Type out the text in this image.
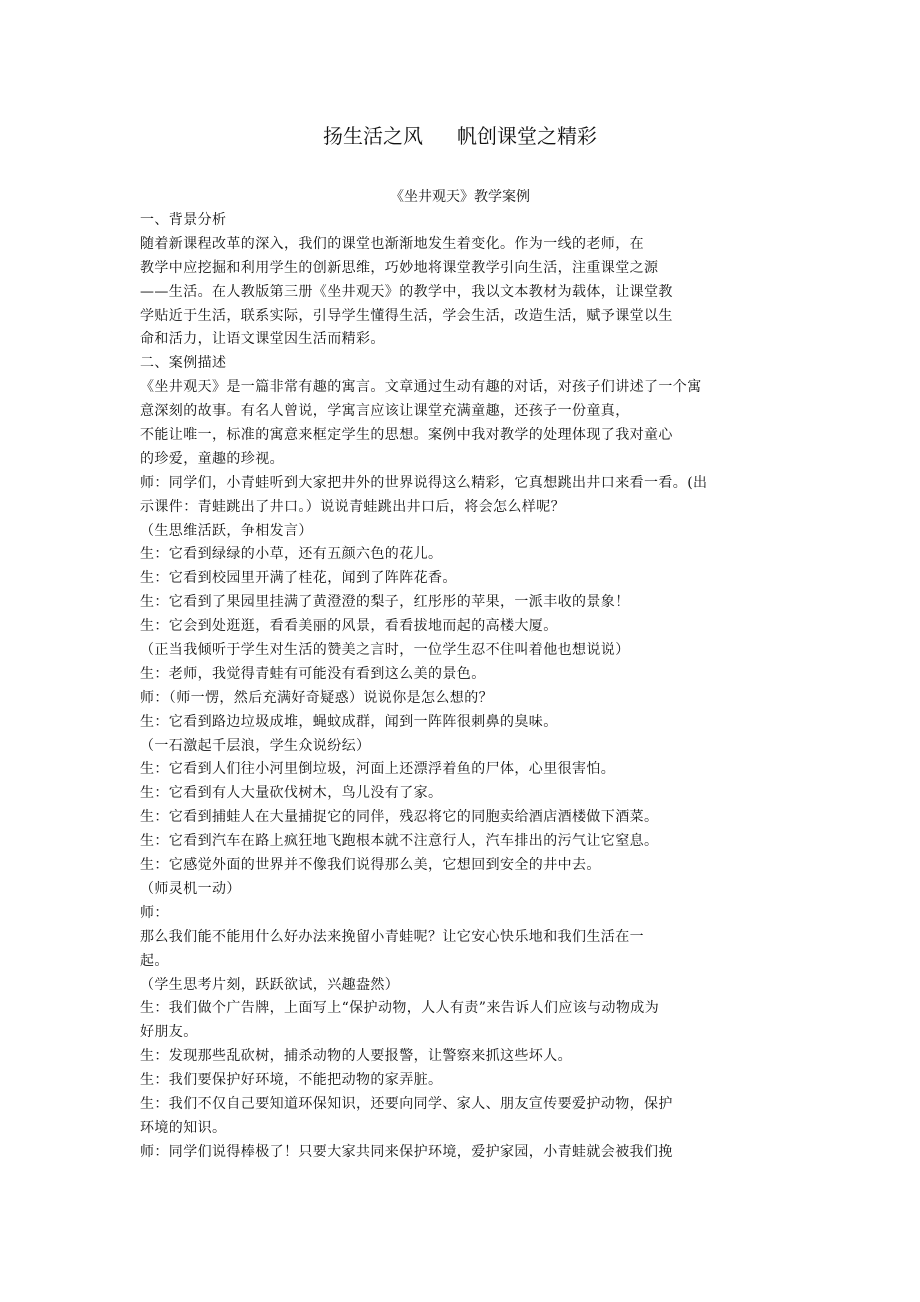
扬生活之风 帆创课堂之精彩
《坐井观天》教学案例
一、背景分析
随着新课程改革的深入，我们的课堂也渐渐地发生着变化。作为一线的老师，在
教学中应挖掘和利用学生的创新思维，巧妙地将课堂教学引向生活，注重课堂之源
——生活。在人教版第三册《坐井观天》的教学中，我以文本教材为载体，让课堂教
学贴近于生活，联系实际，引导学生懂得生活，学会生活，改造生活，赋予课堂以生
命和活力，让语文课堂因生活而精彩。
二、案例描述
《坐井观天》是一篇非常有趣的寓言。文章通过生动有趣的对话，对孩子们讲述了一个寓
意深刻的故事。有名人曾说，学寓言应该让课堂充满童趣，还孩子一份童真，
不能让唯一，标准的寓意来框定学生的思想。案例中我对教学的处理体现了我对童心
的珍爱，童趣的珍视。
师：同学们，小青蛙听到大家把井外的世界说得这么精彩，它真想跳出井口来看一看。(出
示课件：青蛙跳出了井口。）说说青蛙跳出井口后，将会怎么样呢？
（生思维活跃，争相发言）
生：它看到绿绿的小草，还有五颜六色的花儿。
生：它看到校园里开满了桂花，闻到了阵阵花香。
生：它看到了果园里挂满了黄澄澄的梨子，红彤彤的苹果，一派丰收的景象！
生：它会到处逛逛，看看美丽的风景，看看拔地而起的高楼大厦。
（正当我倾听于学生对生活的赞美之言时，一位学生忍不住叫着他也想说说）
生：老师，我觉得青蛙有可能没有看到这么美的景色。
师：（师一愣，然后充满好奇疑惑）说说你是怎么想的？
生：它看到路边垃圾成堆，蝇蚊成群，闻到一阵阵很刺鼻的臭味。
（一石激起千层浪，学生众说纷纭）
生：它看到人们往小河里倒垃圾，河面上还漂浮着鱼的尸体，心里很害怕。
生：它看到有人大量砍伐树木，鸟儿没有了家。
生：它看到捕蛙人在大量捕捉它的同伴，残忍将它的同胞卖给酒店酒楼做下酒菜。
生：它看到汽车在路上疯狂地飞跑根本就不注意行人，汽车排出的污气让它窒息。
生：它感觉外面的世界并不像我们说得那么美，它想回到安全的井中去。
（师灵机一动）
师：
那么我们能不能用什么好办法来挽留小青蛙呢？让它安心快乐地和我们生活在一
起。
（学生思考片刻，跃跃欲试，兴趣盎然）
生：我们做个广告牌，上面写上“保护动物，人人有责”来告诉人们应该与动物成为
好朋友。
生：发现那些乱砍树，捕杀动物的人要报警，让警察来抓这些坏人。
生：我们要保护好环境，不能把动物的家弄脏。
生：我们不仅自己要知道环保知识，还要向同学、家人、朋友宣传要爱护动物，保护
环境的知识。
师：同学们说得棒极了！只要大家共同来保护环境，爱护家园，小青蛙就会被我们挽
